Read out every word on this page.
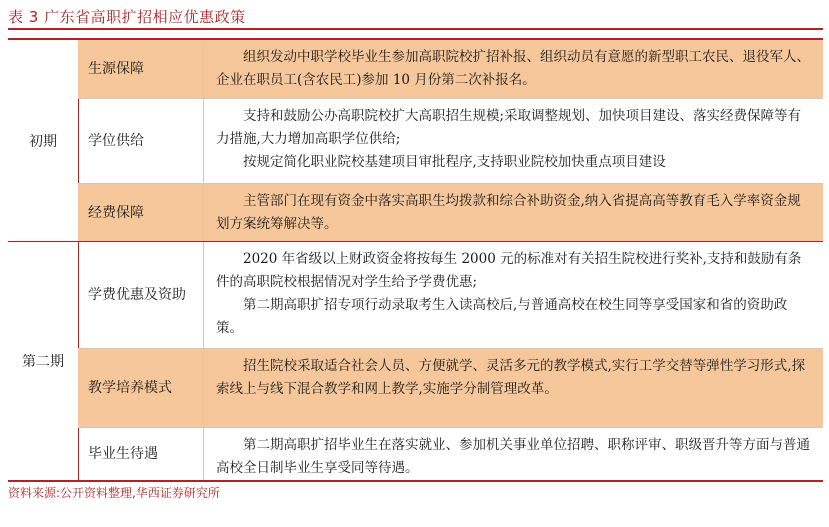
表 3 广东省高职扩招相应优惠政策
初期
生源保障

组织发动中职学校毕业生参加高职院校扩招补报、组织动员有意愿的新型职工农民、退役军人、企业在职员工(含农民工)参加 10 月份第二次补报名。

学位供给

支持和鼓励公办高职院校扩大高职招生规模;采取调整规划、加快项目建设、落实经费保障等有力措施,大力增加高职学位供给;

按规定简化职业院校基建项目审批程序,支持职业院校加快重点项目建设

经费保障

主管部门在现有资金中落实高职生均拨款和综合补助资金,纳入省提高高等教育毛入学率资金规划方案统筹解决等。

第二期
学费优惠及资助

2020 年省级以上财政资金将按每生 2000 元的标准对有关招生院校进行奖补,支持和鼓励有条件的高职院校根据情况对学生给予学费优惠;

第二期高职扩招专项行动录取考生入读高校后,与普通高校在校生同等享受国家和省的资助政策。

教学培养模式

招生院校采取适合社会人员、方便就学、灵活多元的教学模式,实行工学交替等弹性学习形式,探索线上与线下混合教学和网上教学,实施学分制管理改革。

毕业生待遇

第二期高职扩招毕业生在落实就业、参加机关事业单位招聘、职称评审、职级晋升等方面与普通高校全日制毕业生享受同等待遇。

资料来源:公开资料整理,华西证券研究所
